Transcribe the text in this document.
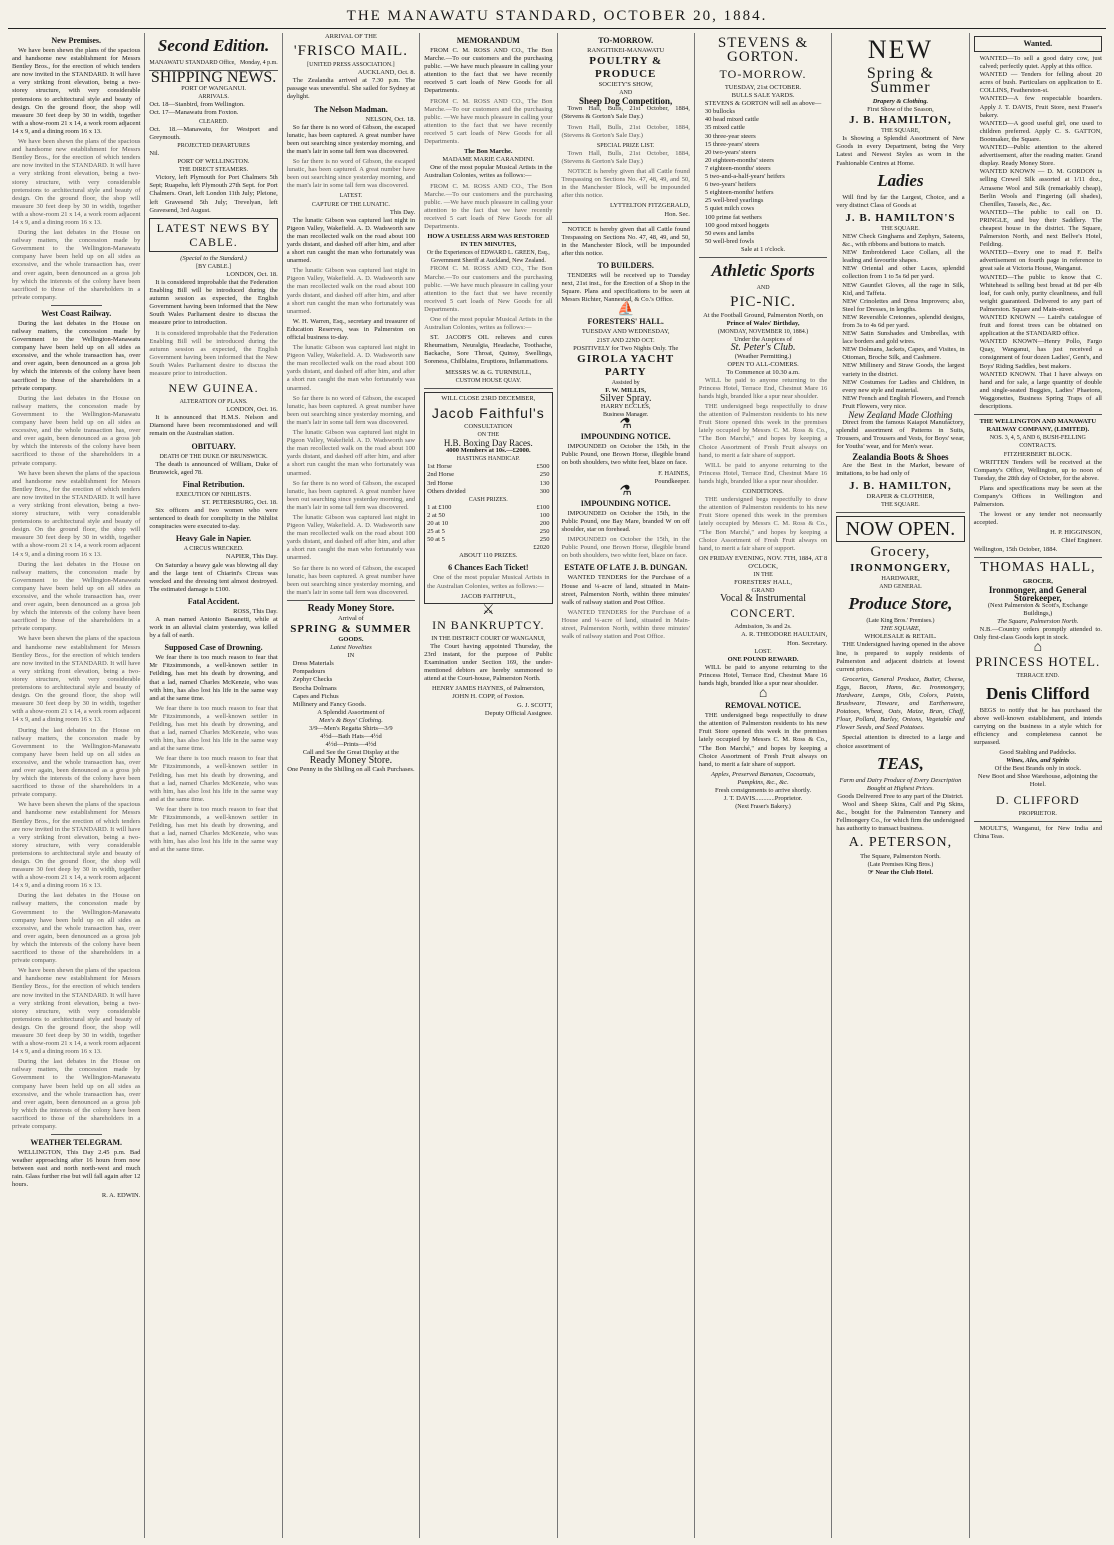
THE MANAWATU STANDARD, OCTOBER 20, 1884.
New Premises.

We have been shewn the plans of the spacious and handsome new establishment for Messrs Bentley Bros., for the erection of which tenders are now invited in the STANDARD. It will have a very striking front elevation, being a two-storey structure, with very considerable pretensions to architectural style and beauty of design. On the ground floor, the shop will measure 30 feet deep by 30 in width, together with a show-room 21 x 14, a work room adjacent 14 x 9, and a dining room 16 x 13.

We have been shewn the plans of the spacious and handsome new establishment for Messrs Bentley Bros., for the erection of which tenders are now invited in the STANDARD. It will have a very striking front elevation, being a two-storey structure, with very considerable pretensions to architectural style and beauty of design. On the ground floor, the shop will measure 30 feet deep by 30 in width, together with a show-room 21 x 14, a work room adjacent 14 x 9, and a dining room 16 x 13.

During the last debates in the House on railway matters, the concession made by Government to the Wellington-Manawatu company have been held up on all sides as excessive, and the whole transaction has, over and over again, been denounced as a gross job by which the interests of the colony have been sacrificed to those of the shareholders in a private company.

West Coast Railway.

During the last debates in the House on railway matters, the concession made by Government to the Wellington-Manawatu company have been held up on all sides as excessive, and the whole transaction has, over and over again, been denounced as a gross job by which the interests of the colony have been sacrificed to those of the shareholders in a private company.

During the last debates in the House on railway matters, the concession made by Government to the Wellington-Manawatu company have been held up on all sides as excessive, and the whole transaction has, over and over again, been denounced as a gross job by which the interests of the colony have been sacrificed to those of the shareholders in a private company.

We have been shewn the plans of the spacious and handsome new establishment for Messrs Bentley Bros., for the erection of which tenders are now invited in the STANDARD. It will have a very striking front elevation, being a two-storey structure, with very considerable pretensions to architectural style and beauty of design. On the ground floor, the shop will measure 30 feet deep by 30 in width, together with a show-room 21 x 14, a work room adjacent 14 x 9, and a dining room 16 x 13.

During the last debates in the House on railway matters, the concession made by Government to the Wellington-Manawatu company have been held up on all sides as excessive, and the whole transaction has, over and over again, been denounced as a gross job by which the interests of the colony have been sacrificed to those of the shareholders in a private company.

We have been shewn the plans of the spacious and handsome new establishment for Messrs Bentley Bros., for the erection of which tenders are now invited in the STANDARD. It will have a very striking front elevation, being a two-storey structure, with very considerable pretensions to architectural style and beauty of design. On the ground floor, the shop will measure 30 feet deep by 30 in width, together with a show-room 21 x 14, a work room adjacent 14 x 9, and a dining room 16 x 13.

During the last debates in the House on railway matters, the concession made by Government to the Wellington-Manawatu company have been held up on all sides as excessive, and the whole transaction has, over and over again, been denounced as a gross job by which the interests of the colony have been sacrificed to those of the shareholders in a private company.

We have been shewn the plans of the spacious and handsome new establishment for Messrs Bentley Bros., for the erection of which tenders are now invited in the STANDARD. It will have a very striking front elevation, being a two-storey structure, with very considerable pretensions to architectural style and beauty of design. On the ground floor, the shop will measure 30 feet deep by 30 in width, together with a show-room 21 x 14, a work room adjacent 14 x 9, and a dining room 16 x 13.

During the last debates in the House on railway matters, the concession made by Government to the Wellington-Manawatu company have been held up on all sides as excessive, and the whole transaction has, over and over again, been denounced as a gross job by which the interests of the colony have been sacrificed to those of the shareholders in a private company.

We have been shewn the plans of the spacious and handsome new establishment for Messrs Bentley Bros., for the erection of which tenders are now invited in the STANDARD. It will have a very striking front elevation, being a two-storey structure, with very considerable pretensions to architectural style and beauty of design. On the ground floor, the shop will measure 30 feet deep by 30 in width, together with a show-room 21 x 14, a work room adjacent 14 x 9, and a dining room 16 x 13.

During the last debates in the House on railway matters, the concession made by Government to the Wellington-Manawatu company have been held up on all sides as excessive, and the whole transaction has, over and over again, been denounced as a gross job by which the interests of the colony have been sacrificed to those of the shareholders in a private company.

WEATHER TELEGRAM.

WELLINGTON, This Day 2.45 p.m. Bad weather approaching after 16 hours from now between east and north north-west and much rain. Glass further rise but will fall again after 12 hours.

R. A. EDWIN.
Second Edition.
MANAWATU STANDARD Office, Monday, 4 p.m.
SHIPPING NEWS.
PORT OF WANGANUI.
ARRIVALS.
Oct. 18—Stanbird, from Wellington.
Oct. 17—Manawatu from Foxton.
CLEARED.
Oct. 18.—Manawatu, for Westport and Greymouth.
PROJECTED DEPARTURES
Nil.
PORT OF WELLINGTON.
THE DIRECT STEAMERS.

Victory, left Plymouth for Port Chalmers 5th Sept; Ruapehu, left Plymouth 27th Sept. for Port Chalmers. Orari, left London 11th July; Pleione, left Gravesend 5th July; Trevelyan, left Gravesend, 3rd August.

LATEST NEWS BY CABLE.
(Special to the Standard.)
[BY CABLE.]
LONDON, Oct. 18.

It is considered improbable that the Federation Enabling Bill will be introduced during the autumn session as expected, the English Government having been informed that the New South Wales Parliament desire to discuss the measure prior to introduction.

It is considered improbable that the Federation Enabling Bill will be introduced during the autumn session as expected, the English Government having been informed that the New South Wales Parliament desire to discuss the measure prior to introduction.

NEW GUINEA.
ALTERATION OF PLANS.
LONDON, Oct. 16.

It is announced that H.M.S. Nelson and Diamond have been recommissioned and will remain on the Australian station.

OBITUARY.
DEATH OF THE DUKE OF BRUNSWICK.

The death is announced of William, Duke of Brunswick, aged 78.

Final Retribution.
EXECUTION OF NIHILISTS.
ST. PETERSBURG, Oct. 18.

Six officers and two women who were sentenced to death for complicity in the Nihilist conspiracies were executed to-day.

Heavy Gale in Napier.
A CIRCUS WRECKED.
NAPIER, This Day.

On Saturday a heavy gale was blowing all day and the large tent of Chiarini's Circus was wrecked and the dressing tent almost destroyed. The estimated damage is £100.

Fatal Accident.
ROSS, This Day.

A man named Antonio Basanetti, while at work in an alluvial claim yesterday, was killed by a fall of earth.

Supposed Case of Drowning.

We fear there is too much reason to fear that Mr Fitzsimmonds, a well-known settler in Feilding, has met his death by drowning, and that a lad, named Charles McKenzie, who was with him, has also lost his life in the same way and at the same time.

We fear there is too much reason to fear that Mr Fitzsimmonds, a well-known settler in Feilding, has met his death by drowning, and that a lad, named Charles McKenzie, who was with him, has also lost his life in the same way and at the same time.

We fear there is too much reason to fear that Mr Fitzsimmonds, a well-known settler in Feilding, has met his death by drowning, and that a lad, named Charles McKenzie, who was with him, has also lost his life in the same way and at the same time.

We fear there is too much reason to fear that Mr Fitzsimmonds, a well-known settler in Feilding, has met his death by drowning, and that a lad, named Charles McKenzie, who was with him, has also lost his life in the same way and at the same time.

ARRIVAL OF THE
'FRISCO MAIL.
[UNITED PRESS ASSOCIATION.]
AUCKLAND, Oct. 8.

The Zealandia arrived at 7.30 p.m. The passage was uneventful. She sailed for Sydney at daylight.

The Nelson Madman.
NELSON, Oct. 18.

So far there is no word of Gibson, the escaped lunatic, has been captured. A great number have been out searching since yesterday morning, and the man's lair in some tall fern was discovered.

So far there is no word of Gibson, the escaped lunatic, has been captured. A great number have been out searching since yesterday morning, and the man's lair in some tall fern was discovered.

LATEST.
CAPTURE OF THE LUNATIC.
This Day.

The lunatic Gibson was captured last night in Pigeon Valley, Wakefield. A. D. Wadsworth saw the man recollected walk on the road about 100 yards distant, and dashed off after him, and after a short run caught the man who fortunately was unarmed.

The lunatic Gibson was captured last night in Pigeon Valley, Wakefield. A. D. Wadsworth saw the man recollected walk on the road about 100 yards distant, and dashed off after him, and after a short run caught the man who fortunately was unarmed.

W. H. Warren, Esq., secretary and treasurer of Education Reserves, was in Palmerston on official business to-day.

The lunatic Gibson was captured last night in Pigeon Valley, Wakefield. A. D. Wadsworth saw the man recollected walk on the road about 100 yards distant, and dashed off after him, and after a short run caught the man who fortunately was unarmed.

So far there is no word of Gibson, the escaped lunatic, has been captured. A great number have been out searching since yesterday morning, and the man's lair in some tall fern was discovered.

The lunatic Gibson was captured last night in Pigeon Valley, Wakefield. A. D. Wadsworth saw the man recollected walk on the road about 100 yards distant, and dashed off after him, and after a short run caught the man who fortunately was unarmed.

So far there is no word of Gibson, the escaped lunatic, has been captured. A great number have been out searching since yesterday morning, and the man's lair in some tall fern was discovered.

The lunatic Gibson was captured last night in Pigeon Valley, Wakefield. A. D. Wadsworth saw the man recollected walk on the road about 100 yards distant, and dashed off after him, and after a short run caught the man who fortunately was unarmed.

So far there is no word of Gibson, the escaped lunatic, has been captured. A great number have been out searching since yesterday morning, and the man's lair in some tall fern was discovered.

Ready Money Store.
Arrival of
SPRING & SUMMER
GOODS.
Latest Novelties
IN
Dress Materials
Pompadours
Zephyr Checks
Brocha Dolmans
Capes and Fichus
Millinery and Fancy Goods.
A Splendid Assortment of
Men's & Boys' Clothing.
3/9—Men's Regatta Shirts—3/9
4½d—Bath Hats—4½d
4½d—Prints—4½d
Call and See the Great Display at the
Ready Money Store.
One Penny in the Shilling on all Cash Purchases.
MEMORANDUM

FROM C. M. ROSS AND CO., The Bon Marche.—To our customers and the purchasing public. —We have much pleasure in calling your attention to the fact that we have recently received 5 cart loads of New Goods for all Departments.

FROM C. M. ROSS AND CO., The Bon Marche.—To our customers and the purchasing public. —We have much pleasure in calling your attention to the fact that we have recently received 5 cart loads of New Goods for all Departments.

The Bon Marche.
MADAME MARIE CARANDINI.

One of the most popular Musical Artists in the Australian Colonies, writes as follows:—

FROM C. M. ROSS AND CO., The Bon Marche.—To our customers and the purchasing public. —We have much pleasure in calling your attention to the fact that we have recently received 5 cart loads of New Goods for all Departments.

HOW A USELESS ARM WAS RESTORED IN TEN MINUTES,
Or the Experiences of EDWARD L. GREEN, Esq., Government Sheriff at Auckland, New Zealand.

FROM C. M. ROSS AND CO., The Bon Marche.—To our customers and the purchasing public. —We have much pleasure in calling your attention to the fact that we have recently received 5 cart loads of New Goods for all Departments.

One of the most popular Musical Artists in the Australian Colonies, writes as follows:—

ST. JACOB'S OIL relieves and cures Rheumatism, Neuralgia, Headache, Toothache, Backache, Sore Throat, Quinsy, Swellings, Soreness, Chilblains, Eruptions, Inflammations.

MESSRS W. & G. TURNBULL,
CUSTOM HOUSE QUAY.
WILL CLOSE 23RD DECEMBER,
Jacob Faithful's
CONSULTATION
ON THE
H.B. Boxing Day Races.
4000 Members at 10s.—£2000.
HASTINGS HANDICAP.
1st Horse	£500
2nd Horse	250
3rd Horse	130
Others divided	300
CASH PRIZES.
1 at £100	£100
2 at 50	100
20 at 10	200
25 at 5	250
50 at 5	250
£2020
ABOUT 110 PRIZES.
6 Chances Each Ticket!

One of the most popular Musical Artists in the Australian Colonies, writes as follows:—

JACOB FAITHFUL,
⚔
IN BANKRUPTCY.
IN THE DISTRICT COURT OF WANGANUI,

The Court having appointed Thursday, the 23rd instant, for the purpose of Public Examination under Section 169, the under-mentioned debtors are hereby summoned to attend at the Court-house, Palmerston North.

HENRY JAMES HAYNES, of Palmerston,
JOHN H. COPP, of Foxton.
G. J. SCOTT,
Deputy Official Assignee.
TO-MORROW.
RANGITIKEI-MANAWATU
POULTRY & PRODUCE
SOCIETY'S SHOW,
AND
Sheep Dog Competition,

Town Hall, Bulls, 21st October, 1884, (Stevens & Gorton's Sale Day.)

Town Hall, Bulls, 21st October, 1884, (Stevens & Gorton's Sale Day.)

SPECIAL PRIZE LIST.

Town Hall, Bulls, 21st October, 1884, (Stevens & Gorton's Sale Day.)

NOTICE is hereby given that all Cattle found Trespassing on Sections No. 47, 48, 49, and 50, in the Manchester Block, will be impounded after this notice.

LYTTELTON FITZGERALD,
Hon. Sec.

NOTICE is hereby given that all Cattle found Trespassing on Sections No. 47, 48, 49, and 50, in the Manchester Block, will be impounded after this notice.

TO BUILDERS.

TENDERS will be received up to Tuesday next, 21st inst., for the Erection of a Shop in the Square. Plans and specifications to be seen at Messrs Richter, Nannestad, & Co.'s Office.

⛵
FORESTERS' HALL.
TUESDAY AND WEDNESDAY,
21ST AND 22ND OCT.
POSITIVELY for Two Nights Only. The
GIROLA YACHT PARTY
Assisted by
F. W. MILLIS,
Silver Spray.
HARRY ECCLES,
Business Manager.
⚗
IMPOUNDING NOTICE.

IMPOUNDED on October the 15th, in the Public Pound, one Brown Horse, illegible brand on both shoulders, two white feet, blaze on face.

F. HAINES,
Poundkeeper.
⚗
IMPOUNDING NOTICE.

IMPOUNDED on October the 15th, in the Public Pound, one Bay Mare, branded W on off shoulder, star on forehead.

IMPOUNDED on October the 15th, in the Public Pound, one Brown Horse, illegible brand on both shoulders, two white feet, blaze on face.

ESTATE OF LATE J. B. DUNGAN.

WANTED TENDERS for the Purchase of a House and ¼-acre of land, situated in Main-street, Palmerston North, within three minutes' walk of railway station and Post Office.

WANTED TENDERS for the Purchase of a House and ¼-acre of land, situated in Main-street, Palmerston North, within three minutes' walk of railway station and Post Office.

STEVENS & GORTON.
TO-MORROW.
TUESDAY, 21st OCTOBER.
BULLS SALE YARDS.
STEVENS & GORTON will sell as above—
30 bullocks
40 head mixed cattle
35 mixed cattle
30 three-year steers
15 three-years' steers
20 two-years' steers
20 eighteen-months' steers
7 eighteen-months' steers
5 two-and-a-half-years' heifers
6 two-years' heifers
5 eighteen-months' heifers
25 well-bred yearlings
5 quiet milch cows
100 prime fat wethers
100 good mixed hoggets
50 ewes and lambs
50 well-bred fowls
Sale at 1 o'clock.
Athletic Sports
AND
PIC-NIC.
At the Football Ground, Palmerston North, on
Prince of Wales' Birthday,
(MONDAY, NOVEMBER 10, 1884.)
Under the Auspices of
St. Peter's Club.
(Weather Permitting.)
OPEN TO ALL-COMERS.
To Commence at 10.30 a.m.

WILL be paid to anyone returning to the Princess Hotel, Terrace End, Chestnut Mare 16 hands high, branded like a spur near shoulder.

THE undersigned begs respectfully to draw the attention of Palmerston residents to his new Fruit Store opened this week in the premises lately occupied by Messrs C. M. Ross & Co., "The Bon Marché," and hopes by keeping a Choice Assortment of Fresh Fruit always on hand, to merit a fair share of support.

WILL be paid to anyone returning to the Princess Hotel, Terrace End, Chestnut Mare 16 hands high, branded like a spur near shoulder.

CONDITIONS.

THE undersigned begs respectfully to draw the attention of Palmerston residents to his new Fruit Store opened this week in the premises lately occupied by Messrs C. M. Ross & Co., "The Bon Marché," and hopes by keeping a Choice Assortment of Fresh Fruit always on hand, to merit a fair share of support.

ON FRIDAY EVENING, NOV. 7TH, 1884, AT 8 O'CLOCK,
IN THE
FORESTERS' HALL,
GRAND
Vocal & Instrumental
CONCERT.
Admission, 3s and 2s.
A. R. THEODORE HAULTAIN,
Hon. Secretary.
LOST.
ONE POUND REWARD.

WILL be paid to anyone returning to the Princess Hotel, Terrace End, Chestnut Mare 16 hands high, branded like a spur near shoulder.

⌂
REMOVAL NOTICE.

THE undersigned begs respectfully to draw the attention of Palmerston residents to his new Fruit Store opened this week in the premises lately occupied by Messrs C. M. Ross & Co., "The Bon Marché," and hopes by keeping a Choice Assortment of Fresh Fruit always on hand, to merit a fair share of support.

Apples, Preserved Bananas, Cocoanuts, Pumpkins, &c., &c.
Fresh consignments to arrive shortly.
J. T. DAVIS............Proprietor.
(Next Fraser's Bakery.)
NEW
Spring & Summer
Drapery & Clothing.
First Show of the Season,
J. B. HAMILTON,
THE SQUARE,

Is Showing a Splendid Assortment of New Goods in every Department, being the Very Latest and Newest Styles as worn in the Fashionable Centres at Home.

Ladies

Will find by far the Largest, Choice, and a very distinct Class of Goods at

J. B. HAMILTON'S
THE SQUARE.
NEW Check Ginghams and Zephyrs, Sateens, &c., with ribbons and buttons to match.
NEW Embroidered Lace Collars, all the leading and favourite shapes.
NEW Oriental and other Laces, splendid collection from 1 to 5s 6d per yard.
NEW Gauntlet Gloves, all the rage in Silk, Kid, and Taffeta.
NEW Crinolettes and Dress Improvers; also, Steel for Dresses, in lengths.
NEW Reversible Cretonnes, splendid designs, from 3s to 4s 6d per yard.
NEW Satin Sunshades and Umbrellas, with lace borders and gold wires.
NEW Dolmans, Jackets, Capes, and Visites, in Ottoman, Broche Silk, and Cashmere.
NEW Millinery and Straw Goods, the largest variety in the district.
NEW Costumes for Ladies and Children, in every new style and material.
NEW French and English Flowers, and French Fruit Flowers, very nice.
New Zealand Made Clothing

Direct from the famous Kaiapoi Manufactory, splendid assortment of Patterns in Suits, Trousers, and Trousers and Vests, for Boys' wear, for Youths' wear, and for Men's wear.

Zealandia Boots & Shoes

Are the Best in the Market, beware of imitations, to be had only of

J. B. HAMILTON,
DRAPER & CLOTHIER,
THE SQUARE.
NOW OPEN.
Grocery,
IRONMONGERY,
HARDWARE,
AND GENERAL
Produce Store,
(Late King Bros.' Premises.)
THE SQUARE,
WHOLESALE & RETAIL.

THE Undersigned having opened in the above line, is prepared to supply residents of Palmerston and adjacent districts at lowest current prices.

Groceries, General Produce, Butter, Cheese, Eggs, Bacon, Hams, &c. Ironmongery, Hardware, Lamps, Oils, Colors, Paints, Brushware, Tinware, and Earthenware, Potatoes, Wheat, Oats, Maize, Bran, Chaff, Flour, Pollard, Barley, Onions, Vegetable and Flower Seeds, and Seed Potatoes.

Special attention is directed to a large and choice assortment of

TEAS,
Farm and Dairy Produce of Every Description Bought at Highest Prices.
Goods Delivered Free to any part of the District.

Wool and Sheep Skins, Calf and Pig Skins, &c., bought for the Palmerston Tannery and Fellmongery Co., for which firm the undersigned has authority to transact business.

A. PETERSON,
The Square, Palmerston North.
(Late Premises King Bros.)
☞ Near the Club Hotel.
Wanted.
WANTED—To sell a good dairy cow, just calved; perfectly quiet. Apply at this office.
WANTED — Tenders for felling about 20 acres of bush. Particulars on application to E. COLLINS, Featherston-st.
WANTED—A few respectable boarders. Apply J. T. DAVIS, Fruit Store, next Fraser's bakery.
WANTED—A good useful girl, one used to children preferred. Apply C. S. GATTON, Bootmaker, the Square.
WANTED—Public attention to the altered advertisement, after the reading matter. Grand display. Ready Money Store.
WANTED KNOWN — D. M. GORDON is selling Crewel Silk assorted at 1/11 doz., Arrasene Wool and Silk (remarkably cheap), Berlin Wools and Fingering (all shades), Chenilles, Tassels, &c., &c.
WANTED—The public to call on D. PRINGLE, and buy their Saddlery. The cheapest house in the district. The Square, Palmerston North, and next Bellve's Hotel, Feilding.
WANTED—Every one to read F. Bell's advertisement on fourth page in reference to great sale at Victoria House, Wanganui.
WANTED—The public to know that C. Whitehead is selling best bread at 8d per 4lb loaf, for cash only, purity cleanliness, and full weight guaranteed. Delivered to any part of Palmerston. Square and Main-street.
WANTED KNOWN — Laird's catalogue of fruit and forest trees can be obtained on application at the STANDARD office.
WANTED KNOWN—Henry Pollo, Fargo Quay, Wanganui, has just received a consignment of four dozen Ladies', Gent's, and Boys' Riding Saddles, best makers.
WANTED KNOWN. That I have always on hand and for sale, a large quantity of double and single-seated Buggies, Ladies' Phaetons, Waggonettes, Business Spring Traps of all descriptions.
THE WELLINGTON AND MANAWATU RAILWAY COMPANY, (LIMITED).
NOS. 3, 4, 5, AND 6, BUSH-FELLING CONTRACTS.
FITZHERBERT BLOCK.

WRITTEN Tenders will be received at the Company's Office, Wellington, up to noon of Tuesday, the 28th day of October, for the above.

Plans and specifications may be seen at the Company's Offices in Wellington and Palmerston.

The lowest or any tender not necessarily accepted.

H. P. HIGGINSON,
Chief Engineer.
Wellington, 15th October, 1884.
THOMAS HALL,
GROCER,
Ironmonger, and General
Storekeeper,
(Next Palmerston & Scott's, Exchange Buildings,)
The Square, Palmerston North.

N.B.—Country orders promptly attended to. Only first-class Goods kept in stock.

⌂
PRINCESS HOTEL.
TERRACE END.
Denis Clifford

BEGS to notify that he has purchased the above well-known establishment, and intends carrying on the business in a style which for efficiency and completeness cannot be surpassed.

Good Stabling and Paddocks.
Wines, Ales, and Spirits
Of the Best Brands only in stock.
New Boot and Shoe Warehouse, adjoining the Hotel.
D. CLIFFORD
PROPRIETOR.

MOULT'S, Wanganui, for New India and China Teas.
